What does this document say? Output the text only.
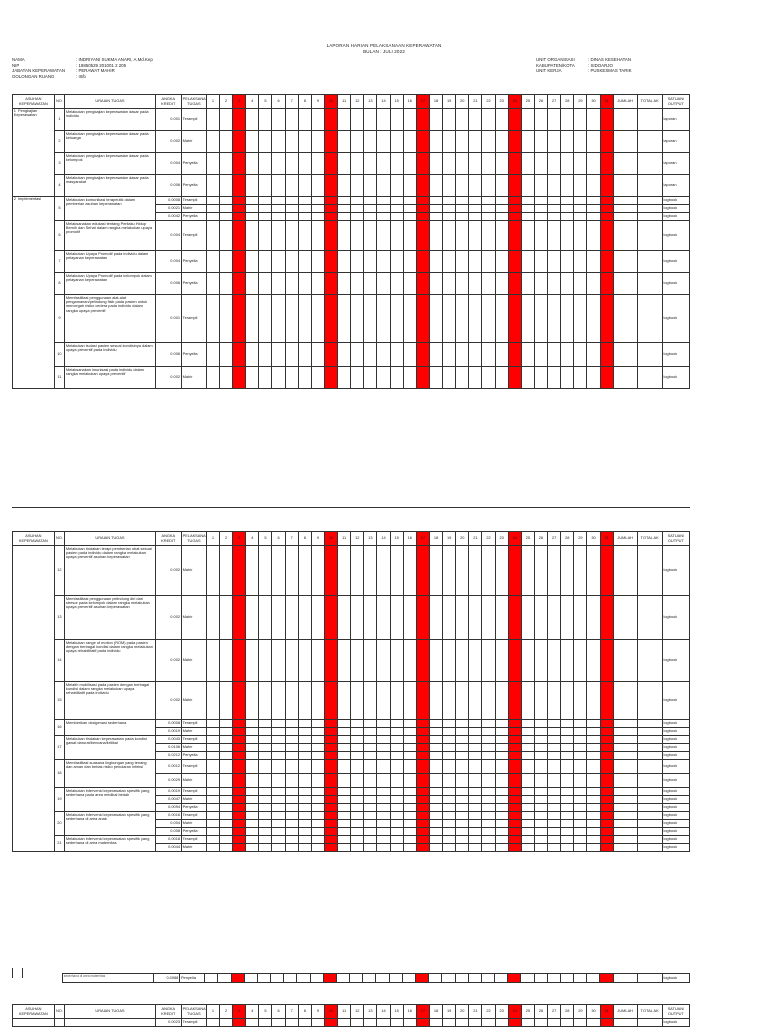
LAPORAN HARIAN PELAKSANAAN KEPERAWATAN
BULAN : JULI 2022
NAMA	: INDRIYANI SUKMA ANARI, A.Md.Kep
NIP	: 19850529 201001 2 205
JABATAN KEPERAWATAN	: PERAWAT MAHIR
GOLONGAN RUANG	: III/b
UNIT ORGANISASI	: DINAS KESEHATAN
KABUPATEN/KOTA	: SIDOARJO
UNIT KERJA	: PUSKESMAS TARIK
ASUHAN KEPERAWATAN	NO.	URAIAN TUGAS	ANGKA KREDIT	PELAKSANA TUGAS	1	2	3	4	5	6	7	8	9	10	11	12	13	14	15	16	17	18	19	20	21	22	23	24	25	26	27	28	29	30	31	JUMLAH	TOTAL AK	SATUAN/ OUTPUT
1 Pengkajian Keperawatan	1	Melakukan pengkajian keperawatan dasar pada individu	0.001	Terampil																																		laporan
	2	Melakukan pengkajian keperawatan dasar pada keluarga	0.002	Mahir																																		laporan
	3	Melakukan pengkajian keperawatan dasar pada kelompok	0.004	Penyelia																																		laporan
	4	Melakukan pengkajian keperawatan dasar pada masyarakat	0.006	Penyelia																																		laporan
2 Implementasi	5	Melakukan komunikasi terapeutik dalam pemberian asuhan keperawatan	0.0008	Terampil																																		logbook
			0.0021	Mahir																																		logbook
			0.0042	Penyelia																																		logbook
	6	Melaksanakan edukasi tentang Perilaku Hidup Bersih dan Sehat dalam rangka melakukan upaya promotif	0.004	Terampil																																		logbook
	7	Melakukan Upaya Promotif pada individu dalam pelayanan keperawatan	0.004	Penyelia																																		logbook
	8	Melakukan Upaya Promotif pada kelompok dalam pelayanan keperawatan	0.006	Penyelia																																		logbook
	9	Memfasilitasi penggunaan alat-alat pengamanan/pelindung fisik pada pasien untuk mencegah risiko cedera pada individu dalam rangka upaya preventif	0.001	Terampil																																		logbook
	10	Melakukan isolasi pasien sesuai kondisinya dalam upaya preventif pada individu	0.006	Penyelia																																		logbook
	11	Melaksanakan imunisasi pada individu dalam rangka melakukan upaya preventif	0.002	Mahir																																		logbook
ASUHAN KEPERAWATAN	NO.	URAIAN TUGAS	ANGKA KREDIT	PELAKSANA TUGAS	1	2	3	4	5	6	7	8	9	10	11	12	13	14	15	16	17	18	19	20	21	22	23	24	25	26	27	28	29	30	31	JUMLAH	TOTAL AK	SATUAN/ OUTPUT
	12	Melakukan tindakan terapi pemberian obat sesuai pasien pada individu dalam rangka melakukan upaya preventif asuhan keperawatan	0.002	Mahir																																		logbook
	13	Memfasilitasi penggunaan pelindung diri dari stresor pada kelompok dalam rangka melakukan upaya preventif asuhan keperawatan	0.002	Mahir																																		logbook
	14	Melakukan range of motion (ROM) pada pasien dengan berbagai kondisi dalam rangka melakukan upaya rehabilitatif pada individu	0.002	Mahir																																		logbook
	15	Melatih mobilisasi pada pasien dengan berbagai kondisi dalam rangka melakukan upaya rehabilitatif pada individu	0.002	Mahir																																		logbook
	16	Memberikan oksigenasi sederhana	0.0008	Terampil																																		logbook
			0.0019	Mahir																																		logbook
	17	Melakukan tindakan keperawatan pada kondisi gawat darurat/bencana/kritikal	0.0043	Terampil																																		logbook
			0.0106	Mahir																																		logbook
			0.0212	Penyelia																																		logbook
	18	Memfasilitasi suasana lingkungan yang tenang dan aman dan bebas risiko penularan infeksi	0.0012	Terampil																																		logbook
			0.0029	Mahir																																		logbook
	19	Melakukan intervensi keperawatan spesifik yang sederhana pada area medikal bedah	0.0019	Terampil																																		logbook
			0.0047	Mahir																																		logbook
			0.0094	Penyelia																																		logbook
	20	Melakukan intervensi keperawatan spesifik yang sederhana di area anak	0.0016	Terampil																																		logbook
			0.004	Mahir																																		logbook
			0.008	Penyelia																																		logbook
	21	Melakukan intervensi keperawatan spesifik yang sederhana di area maternitas	0.0018	Terampil																																		logbook
			0.0044	Mahir																																		logbook
sederhana di area maternitas	0.0088	Penyelia																																		logbook
ASUHAN KEPERAWATAN	NO.	URAIAN TUGAS	ANGKA KREDIT	PELAKSANA TUGAS	1	2	3	4	5	6	7	8	9	10	11	12	13	14	15	16	17	18	19	20	21	22	23	24	25	26	27	28	29	30	31	JUMLAH	TOTAL AK	SATUAN/ OUTPUT
			0.0023	Terampil																																		logbook
